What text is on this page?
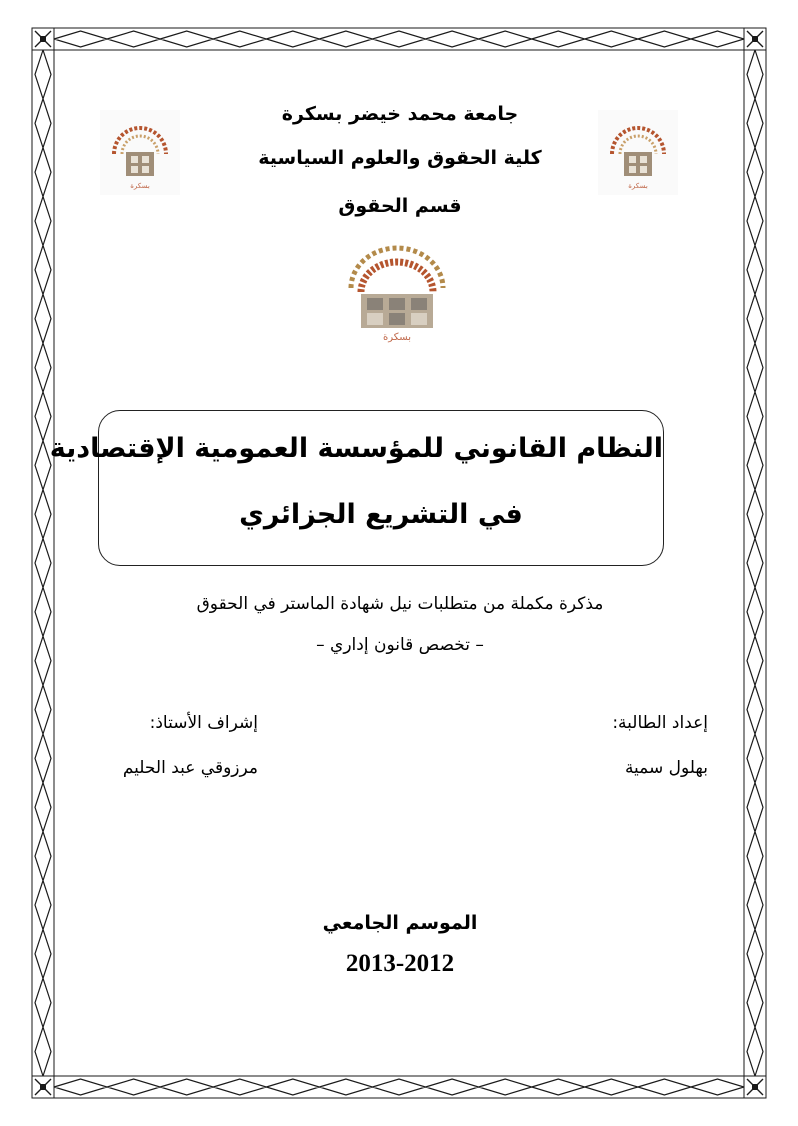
جامعة محمد خيضر بسكرة
كلية الحقوق والعلوم السياسية
قسم الحقوق
بسكرة	بسكرة
بسكرة
النظام القانوني للمؤسسة العمومية الإقتصادية
في التشريع الجزائري
مذكرة مكملة من متطلبات نيل شهادة الماستر في الحقوق
– تخصص قانون إداري –
إعداد الطالبة:
بهلول سمية
إشراف الأستاذ:
مرزوقي عبد الحليم
الموسم الجامعي
2013-2012
